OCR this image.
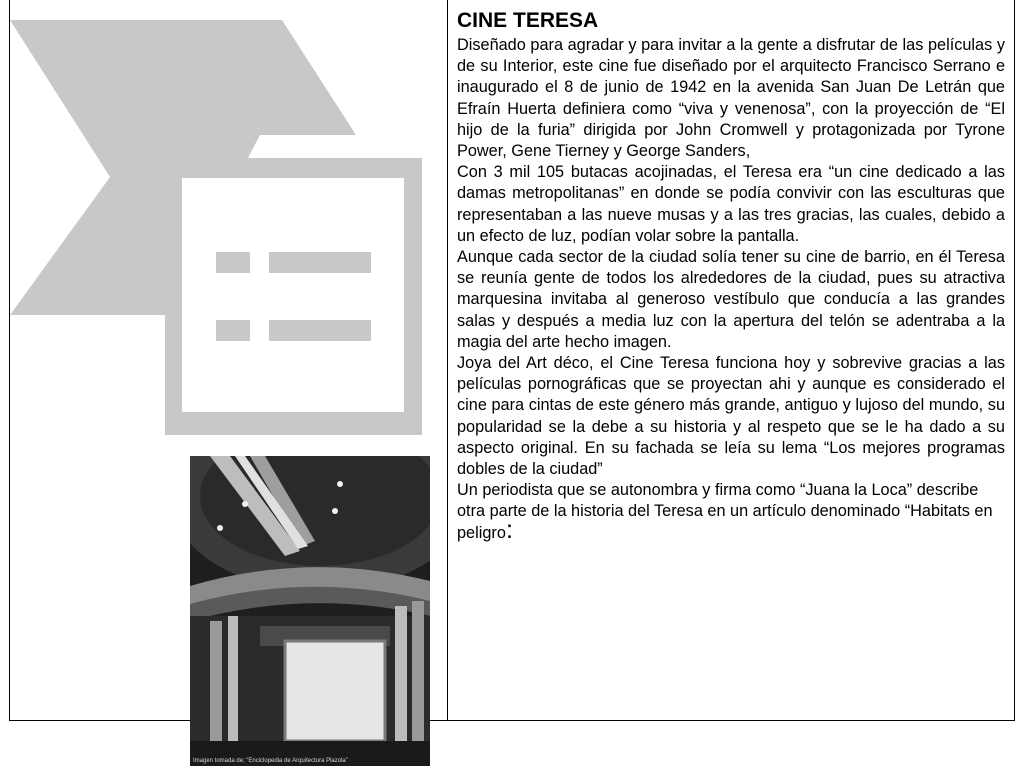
Imagen tomada de; “Enciclopedia de Arquitectura Plazola”
CINE TERESA

Diseñado para agradar y para invitar a la gente a disfrutar de las películas y de su Interior, este cine fue diseñado por el arquitecto Francisco Serrano e inaugurado el 8 de junio de 1942 en la avenida San Juan De Letrán que Efraín Huerta definiera como “viva y venenosa”, con la proyección de “El hijo de la furia” dirigida por John Cromwell y protagonizada por Tyrone Power, Gene Tierney y George Sanders,

Con 3 mil 105 butacas acojinadas, el Teresa era “un cine dedicado a las damas metropolitanas” en donde se podía convivir con las esculturas que representaban a las nueve musas y a las tres gracias, las cuales, debido a un efecto de luz, podían volar sobre la pantalla.

Aunque cada sector de la ciudad solía tener su cine de barrio, en él Teresa se reunía gente de todos los alrededores de la ciudad, pues su atractiva marquesina invitaba al generoso vestíbulo que conducía a las grandes salas y después a media luz con la apertura del telón se adentraba a la magia del arte hecho imagen.

Joya del Art déco, el Cine Teresa funciona hoy y sobrevive gracias a las películas pornográficas que se proyectan ahi y aunque es considerado el cine para cintas de este género más grande, antiguo y lujoso del mundo, su popularidad se la debe a su historia y al respeto que se le ha dado a su aspecto original. En su fachada se leía su lema “Los mejores programas dobles de la ciudad”

Un periodista que se autonombra y firma como “Juana la Loca” describe otra parte de la historia del Teresa en un artículo denominado “Habitats en peligro:
